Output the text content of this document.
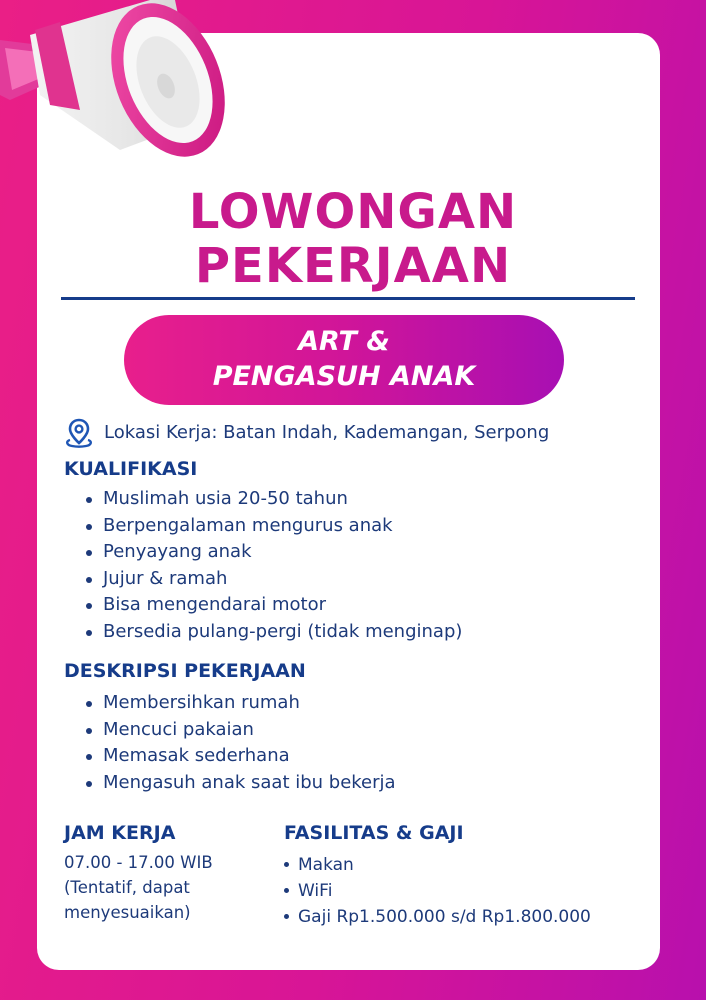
LOWONGAN
PEKERJAAN
ART &
PENGASUH ANAK
Lokasi Kerja: Batan Indah, Kademangan, Serpong
KUALIFIKASI
Muslimah usia 20-50 tahun
Berpengalaman mengurus anak
Penyayang anak
Jujur & ramah
Bisa mengendarai motor
Bersedia pulang-pergi (tidak menginap)
DESKRIPSI PEKERJAAN
Membersihkan rumah
Mencuci pakaian
Memasak sederhana
Mengasuh anak saat ibu bekerja
JAM KERJA
07.00 - 17.00 WIB
(Tentatif, dapat
menyesuaikan)
FASILITAS & GAJI
Makan
WiFi
Gaji Rp1.500.000 s/d Rp1.800.000
